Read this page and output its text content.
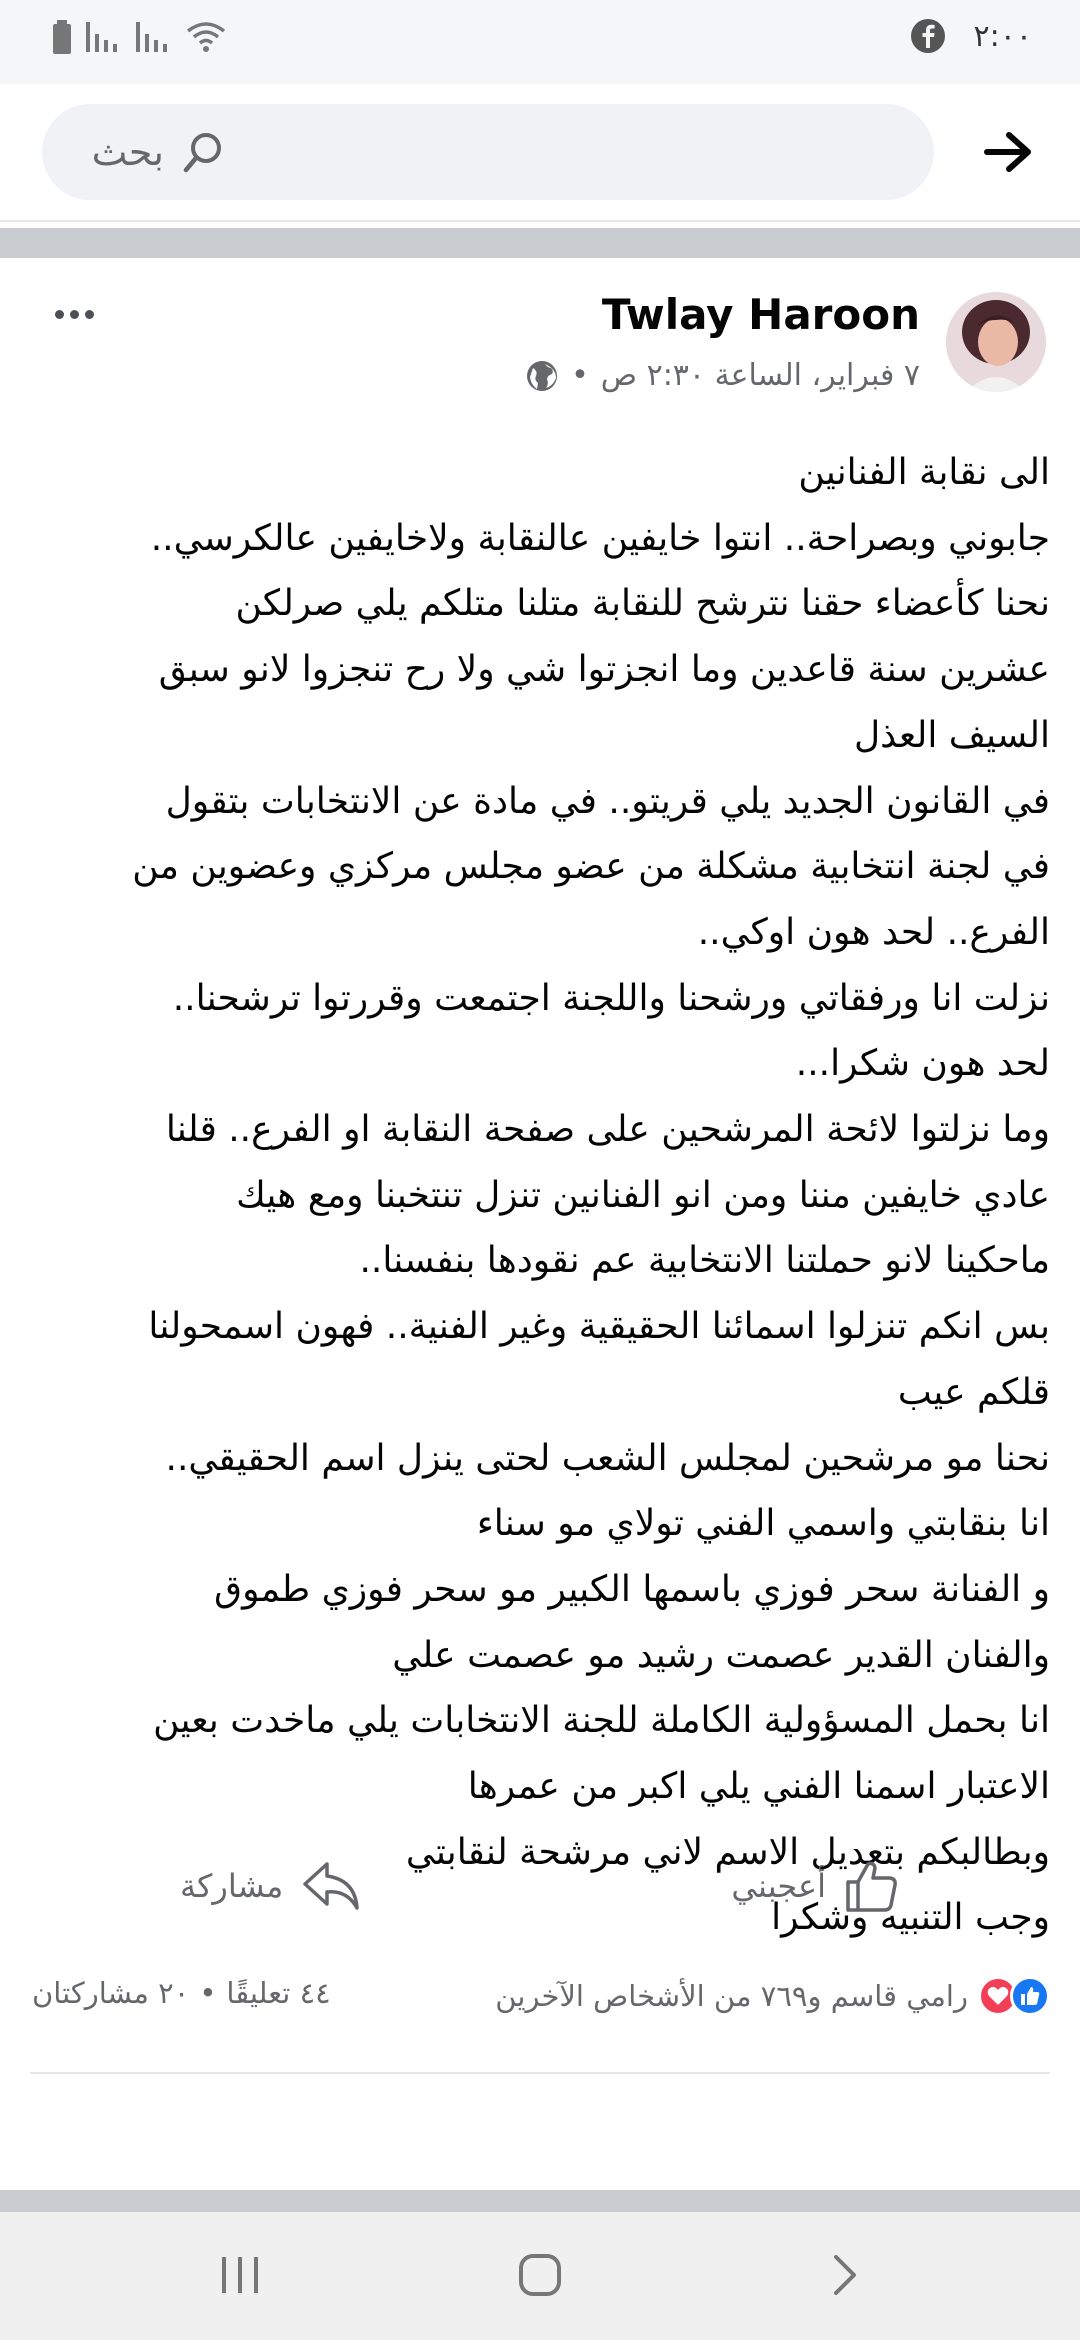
٢:٠٠
بحث
Twlay Haroon
٧ فبراير، الساعة ٢:٣٠ ص
•
الى نقابة الفنانين
جابوني وبصراحة.. انتوا خايفين عالنقابة ولاخايفين عالكرسي..
نحنا كأعضاء حقنا نترشح للنقابة متلنا متلكم يلي صرلكن
عشرين سنة قاعدين وما انجزتوا شي ولا رح تنجزوا لانو سبق
السيف العذل
في القانون الجديد يلي قريتو.. في مادة عن الانتخابات بتقول
في لجنة انتخابية مشكلة من عضو مجلس مركزي وعضوين من
الفرع.. لحد هون اوكي..
نزلت انا ورفقاتي ورشحنا واللجنة اجتمعت وقررتوا ترشحنا..
لحد هون شكرا...
وما نزلتوا لائحة المرشحين على صفحة النقابة او الفرع.. قلنا
عادي خايفين مننا ومن انو الفنانين تنزل تنتخبنا ومع هيك
ماحكينا لانو حملتنا الانتخابية عم نقودها بنفسنا..
بس انكم تنزلوا اسمائنا الحقيقية وغير الفنية.. فهون اسمحولنا
قلكم عيب
نحنا مو مرشحين لمجلس الشعب لحتى ينزل اسم الحقيقي..
انا بنقابتي واسمي الفني تولاي مو سناء
و الفنانة سحر فوزي باسمها الكبير مو سحر فوزي طموق
والفنان القدير عصمت رشيد مو عصمت علي
انا بحمل المسؤولية الكاملة للجنة الانتخابات يلي ماخدت بعين
الاعتبار اسمنا الفني يلي اكبر من عمرها
وبطالبكم بتعديل الاسم لاني مرشحة لنقابتي
وجب التنبيه وشكرا
رامي قاسم و٧٦٩ من الأشخاص الآخرين
٤٤ تعليقًا
•
٢٠ مشاركتان
أعجبني
مشاركة
